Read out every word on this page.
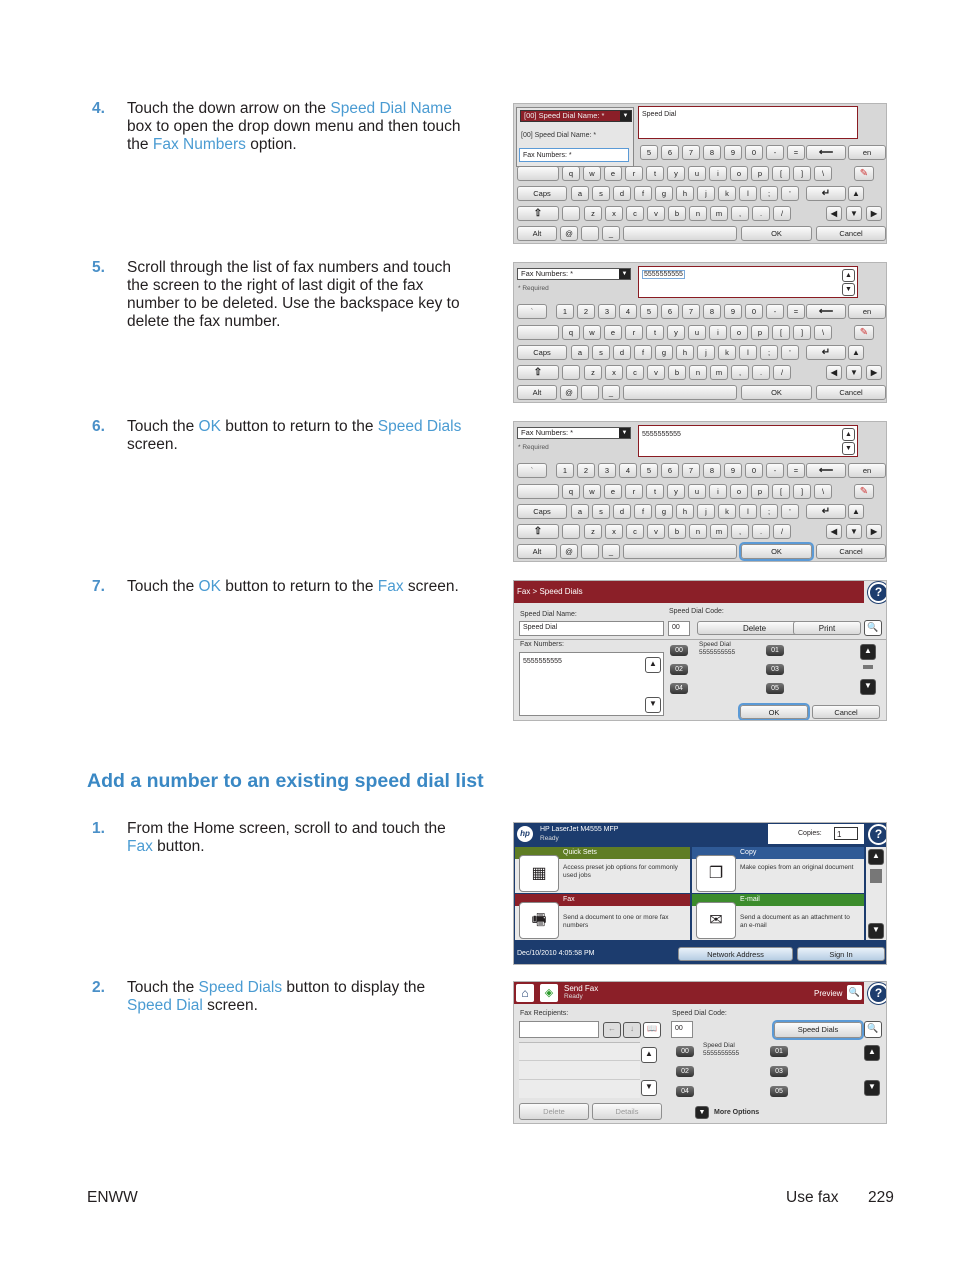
4. Touch the down arrow on the Speed Dial Name box to open the drop down menu and then touch the Fax Numbers option.
5. Scroll through the list of fax numbers and touch the screen to the right of last digit of the fax number to be deleted. Use the backspace key to delete the fax number.
6. Touch the OK button to return to the Speed Dials screen.
7. Touch the OK button to return to the Fax screen.
Add a number to an existing speed dial list
1. From the Home screen, scroll to and touch the Fax button.
2. Touch the Speed Dials button to display the Speed Dial screen.
Speed Dial
5	6	7	8	9	0	-	=	⟵	en
q	w	e	r	t	y	u	i	o	p	[	]	\	✎
Caps	a	s	d	f	g	h	j	k	l	;	'	↵	▲
⇧	z	x	c	v	b	n	m	,	.	/	◀	▼	▶
Alt	@	_	OK	Cancel
[00] Speed Dial Name: *	▼
[00] Speed Dial Name: *
Fax Numbers: *
Fax Numbers: *	▼
* Required
5555555555	▲
▼
`	1	2	3	4	5	6	7	8	9	0	-	=	⟵	en
q	w	e	r	t	y	u	i	o	p	[	]	\	✎
Caps	a	s	d	f	g	h	j	k	l	;	'	↵	▲
⇧	z	x	c	v	b	n	m	,	.	/	◀	▼	▶
Alt	@	_	OK	Cancel
Fax Numbers: *	▼
* Required
5555555555	▲
▼
`	1	2	3	4	5	6	7	8	9	0	-	=	⟵	en
q	w	e	r	t	y	u	i	o	p	[	]	\	✎
Caps	a	s	d	f	g	h	j	k	l	;	'	↵	▲
⇧	z	x	c	v	b	n	m	,	.	/	◀	▼	▶
Alt	@	_	OK	Cancel
Fax > Speed Dials	?
Speed Dial Name:
Speed Dial
Speed Dial Code:
00	Delete	Print	🔍
Fax Numbers:
5555555555	▲
▼
00
Speed Dial
5555555555	01
02	03
04	05
▲
▼
OK	Cancel
hp	HP LaserJet M4555 MFP
Ready
Copies:	1	?
Quick Sets
▦	Access preset job options for commonly used jobs
Copy
❐	Make copies from an original document
Fax
🖷	Send a document to one or more fax numbers
E-mail
✉	Send a document as an attachment to an e-mail
▲
▼
Dec/10/2010 4:05:58 PM	Network Address	Sign In
⌂	◈	Send Fax
Ready	Preview 🔍	?
Fax Recipients:
←	↓	📖
▲
▼
Delete	Details
Speed Dial Code:
00	Speed Dials	🔍
00
Speed Dial
5555555555	01
02	03
04	05
▲
▼
▼	More Options
ENWW	Use fax 229
